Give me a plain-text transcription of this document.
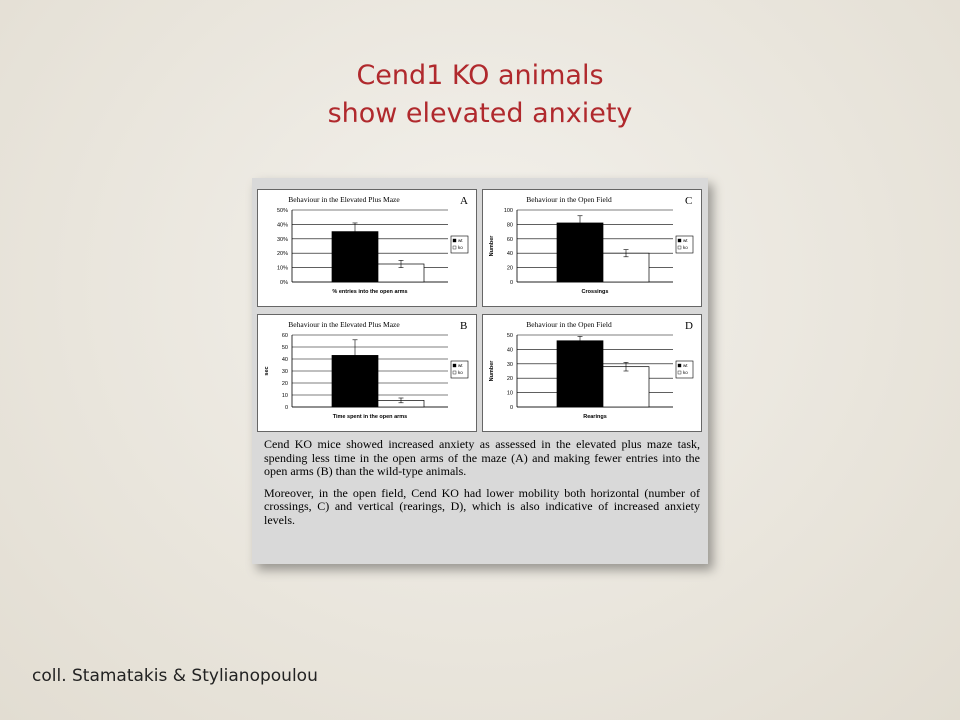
Cend1 KO animals
show elevated anxiety
Behaviour in the Elevated Plus Maze	A
0%
10%
20%
30%
40%
50%
% entries into the open arms
wt
ko
Behaviour in the Open Field	C
0
20
40
60
80
100
Crossings
Number	wt
ko
Behaviour in the Elevated Plus Maze	B
0
10
20
30
40
50
60
Time spent in the open arms
sec
wt
ko
Behaviour in the Open Field	D
0
10
20
30
40
50
Rearings
Number	wt
ko

Cend KO mice showed increased anxiety as assessed in the elevated plus maze task, spending less time in the open arms of the maze (A) and making fewer entries into the open arms (B) than the wild-type animals.

Moreover, in the open field, Cend KO had lower mobility both horizontal (number of crossings, C) and vertical (rearings, D), which is also indicative of increased anxiety levels.

coll. Stamatakis & Stylianopoulou
